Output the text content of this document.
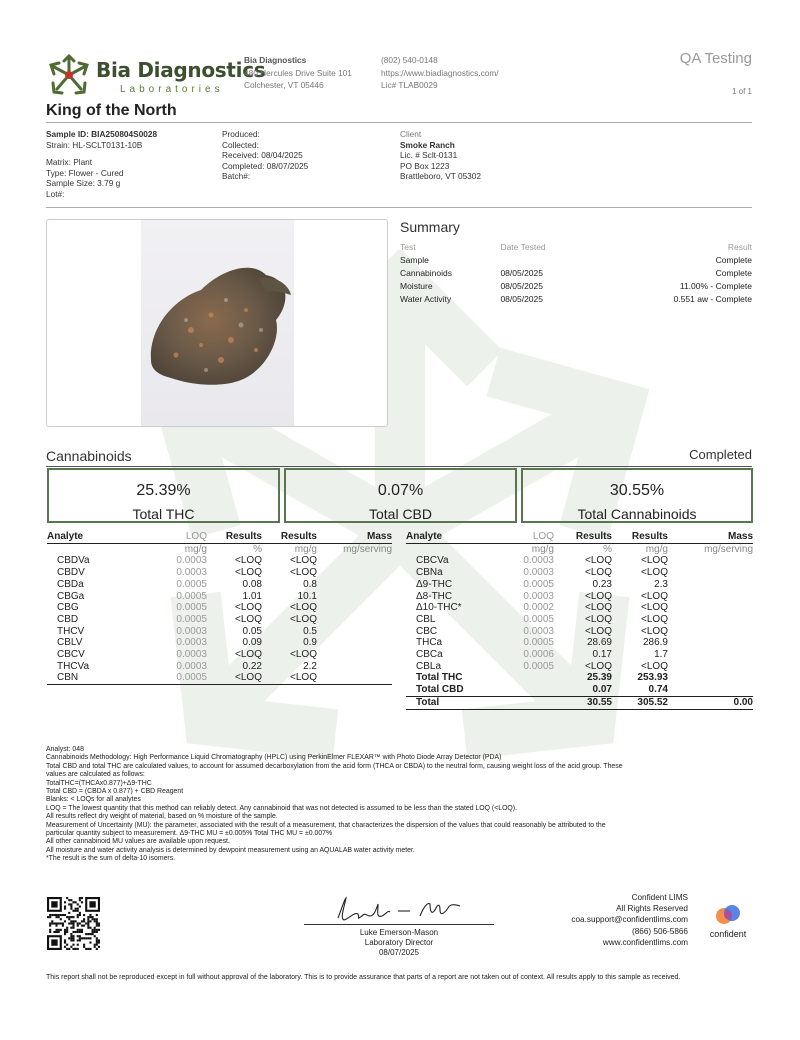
Bia Diagnostics
Laboratories
Bia Diagnostics
480 Hercules Drive Suite 101
Colchester, VT 05446
(802) 540-0148
https://www.biadiagnostics.com/
Lic# TLAB0029
QA Testing
1 of 1
King of the North
Sample ID: BIA250804S0028
Strain: HL-SCLT0131-10B
Matrix: Plant
Type: Flower - Cured
Sample Size: 3.79 g
Lot#:
Produced:
Collected:
Received: 08/04/2025
Completed: 08/07/2025
Batch#:
Client
Smoke Ranch
Lic. # Sclt-0131
PO Box 1223
Brattleboro, VT 05302
Summary
Test	Date Tested	Result
Sample		Complete
Cannabinoids	08/05/2025	Complete
Moisture	08/05/2025	11.00% - Complete
Water Activity	08/05/2025	0.551 aw - Complete
Cannabinoids	Completed
25.39%
Total THC
0.07%
Total CBD
30.55%
Total Cannabinoids
Analyte	LOQ	Results	Results	Mass
	mg/g	%	mg/g	mg/serving
CBDVa	0.0003	<LOQ	<LOQ	
CBDV	0.0003	<LOQ	<LOQ	
CBDa	0.0005	0.08	0.8	
CBGa	0.0005	1.01	10.1	
CBG	0.0005	<LOQ	<LOQ	
CBD	0.0005	<LOQ	<LOQ	
THCV	0.0003	0.05	0.5	
CBLV	0.0003	0.09	0.9	
CBCV	0.0003	<LOQ	<LOQ	
THCVa	0.0003	0.22	2.2	
CBN	0.0005	<LOQ	<LOQ	

Analyte	LOQ	Results	Results	Mass
	mg/g	%	mg/g	mg/serving
CBCVa	0.0003	<LOQ	<LOQ	
CBNa	0.0003	<LOQ	<LOQ	
Δ9-THC	0.0005	0.23	2.3	
Δ8-THC	0.0003	<LOQ	<LOQ	
Δ10-THC*	0.0002	<LOQ	<LOQ	
CBL	0.0005	<LOQ	<LOQ	
CBC	0.0003	<LOQ	<LOQ	
THCa	0.0005	28.69	286.9	
CBCa	0.0006	0.17	1.7	
CBLa	0.0005	<LOQ	<LOQ	
Total THC		25.39	253.93	
Total CBD		0.07	0.74	
Total		30.55	305.52	0.00
Analyst: 048
Cannabinoids Methodology: High Performance Liquid Chromatography (HPLC) using PerkinElmer FLEXAR™ with Photo Diode Array Detector (PDA)
Total CBD and total THC are calculated values, to account for assumed decarboxylation from the acid form (THCA or CBDA) to the neutral form, causing weight loss of the acid group. These
values are calculated as follows:
TotalTHC=(THCAx0.877)+Δ9-THC
Total CBD = (CBDA x 0.877) + CBD Reagent
Blanks: < LOQs for all analytes
LOQ = The lowest quantity that this method can reliably detect. Any cannabinoid that was not detected is assumed to be less than the stated LOQ (<LOQ).
All results reflect dry weight of material, based on % moisture of the sample.
Measurement of Uncertainty (MU): the parameter, associated with the result of a measurement, that characterizes the dispersion of the values that could reasonably be attributed to the
particular quantity subject to measurement. Δ9-THC MU = ±0.005% Total THC MU = ±0.007%
All other cannabinoid MU values are available upon request.
All moisture and water activity analysis is determined by dewpoint measurement using an AQUALAB water activity meter.
*The result is the sum of delta-10 isomers.
Luke Emerson-Mason
Laboratory Director
08/07/2025
Confident LIMS
All Rights Reserved
coa.support@confidentlims.com
(866) 506-5866
www.confidentlims.com
confident
This report shall not be reproduced except in full without approval of the laboratory. This is to provide assurance that parts of a report are not taken out of context. All results apply to this sample as received.
